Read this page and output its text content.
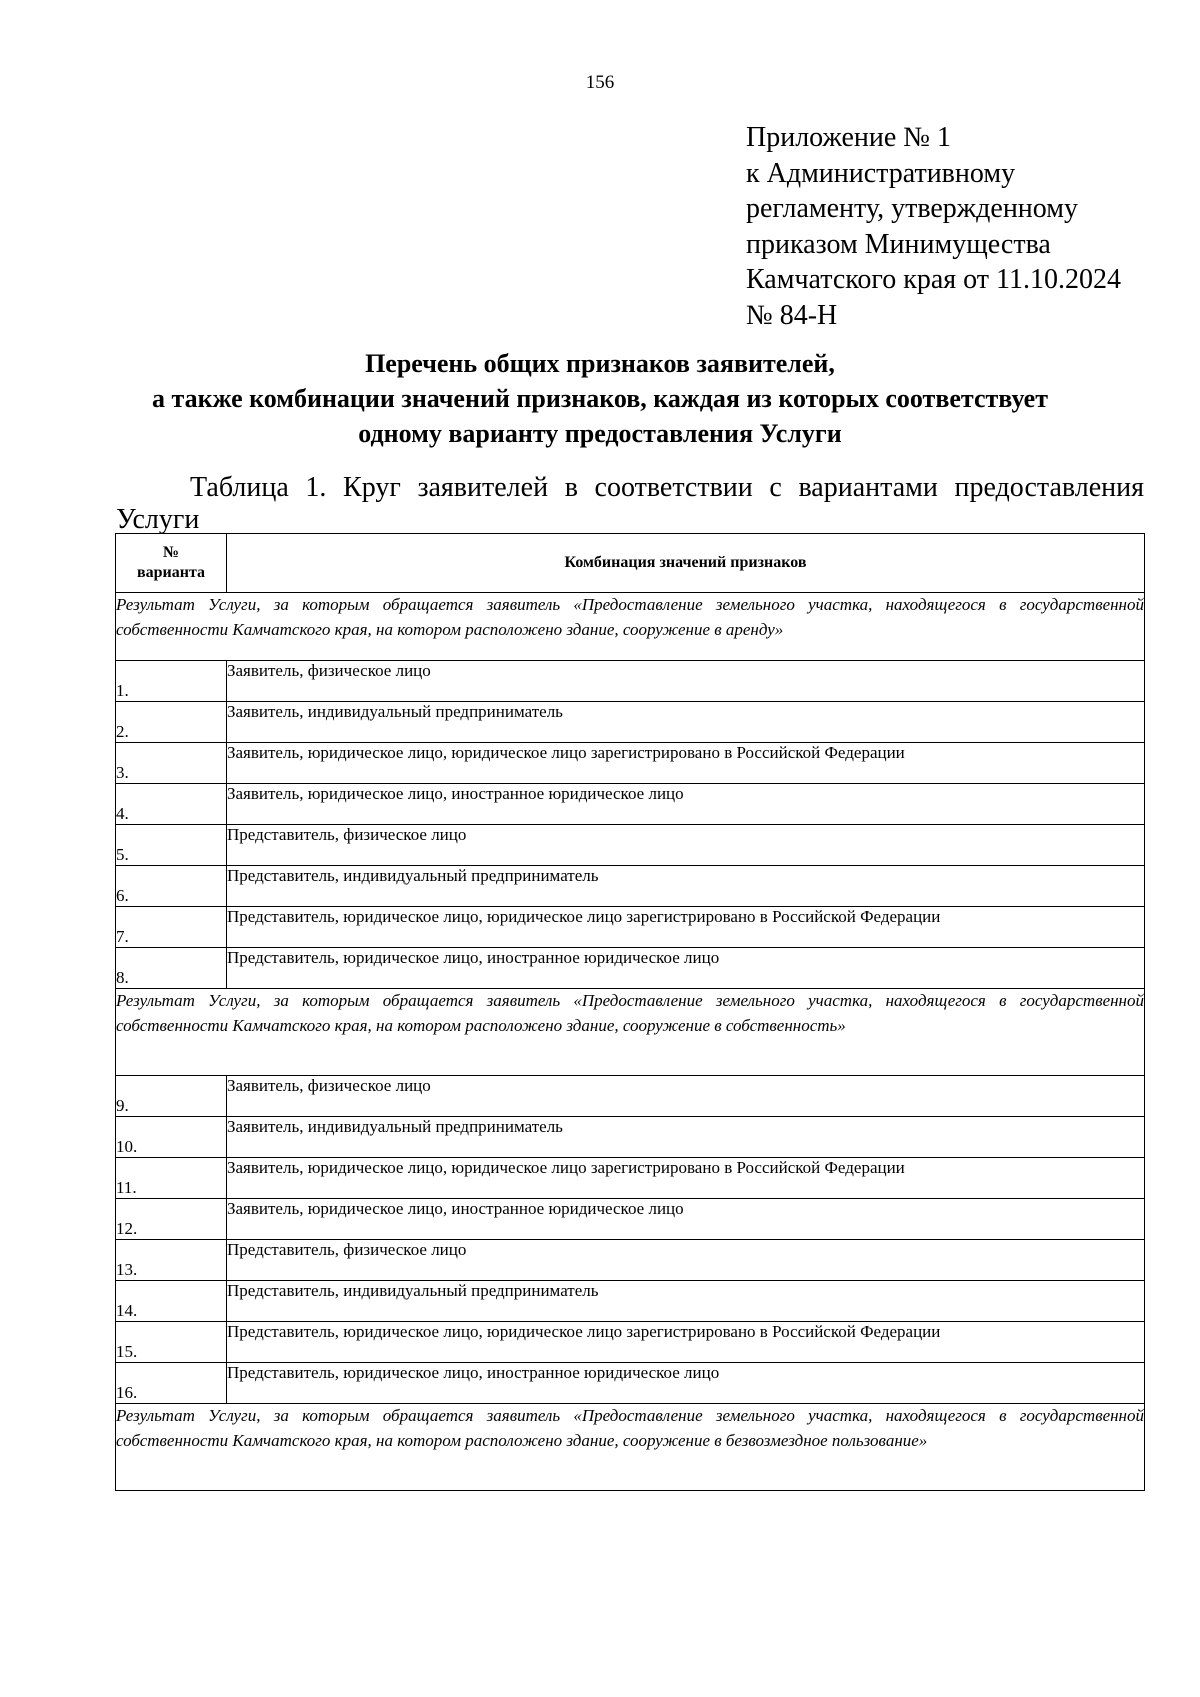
156
Приложение № 1
к Административному
регламенту, утвержденному
приказом Минимущества
Камчатского края от 11.10.2024
№ 84-Н
Перечень общих признаков заявителей,
а также комбинации значений признаков, каждая из которых соответствует
одному варианту предоставления Услуги
Таблица 1. Круг заявителей в соответствии с вариантами предоставления
Услуги
№
варианта	Комбинация значений признаков
Результат Услуги, за которым обращается заявитель «Предоставление земельного участка, находящегося в государственной собственности Камчатского края, на котором расположено здание, сооружение в аренду»	
1.	Заявитель, физическое лицо
2.	Заявитель, индивидуальный предприниматель
3.	Заявитель, юридическое лицо, юридическое лицо зарегистрировано в Российской Федерации
4.	Заявитель, юридическое лицо, иностранное юридическое лицо
5.	Представитель, физическое лицо
6.	Представитель, индивидуальный предприниматель
7.	Представитель, юридическое лицо, юридическое лицо зарегистрировано в Российской Федерации
8.	Представитель, юридическое лицо, иностранное юридическое лицо
Результат Услуги, за которым обращается заявитель «Предоставление земельного участка, находящегося в государственной собственности Камчатского края, на котором расположено здание, сооружение в собственность»	
9.	Заявитель, физическое лицо
10.	Заявитель, индивидуальный предприниматель
11.	Заявитель, юридическое лицо, юридическое лицо зарегистрировано в Российской Федерации
12.	Заявитель, юридическое лицо, иностранное юридическое лицо
13.	Представитель, физическое лицо
14.	Представитель, индивидуальный предприниматель
15.	Представитель, юридическое лицо, юридическое лицо зарегистрировано в Российской Федерации
16.	Представитель, юридическое лицо, иностранное юридическое лицо
Результат Услуги, за которым обращается заявитель «Предоставление земельного участка, находящегося в государственной собственности Камчатского края, на котором расположено здание, сооружение в безвозмездное пользование»	
